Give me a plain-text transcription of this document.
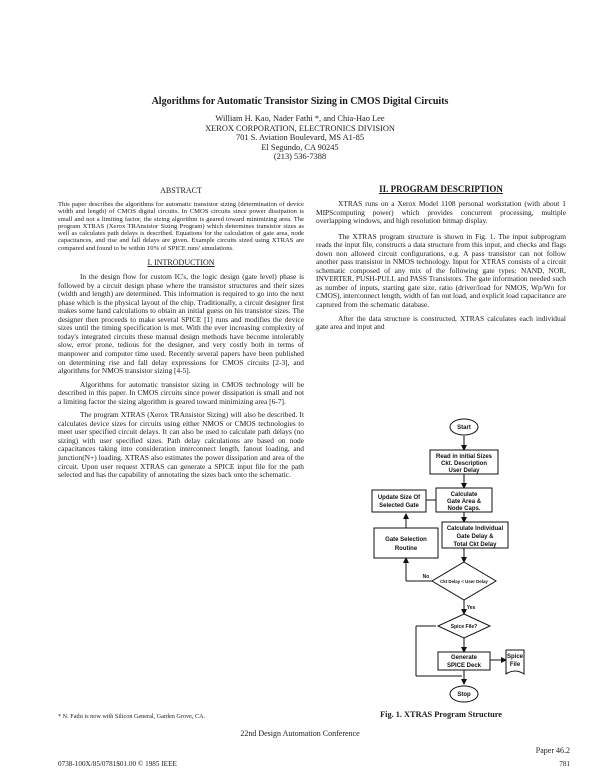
Algorithms for Automatic Transistor Sizing in CMOS Digital Circuits
William H. Kao, Nader Fathi *, and Chia-Hao Lee
XEROX CORPORATION, ELECTRONICS DIVISION
701 S. Aviation Boulevard, MS A1-85
El Segundo, CA 90245
(213) 536-7388
ABSTRACT

This paper describes the algorithms for automatic transistor sizing (determination of device width and length) of CMOS digital circuits. In CMOS circuits since power dissipation is small and not a limiting factor, the sizing algorithm is geared toward minimizing area. The program XTRAS (Xerox TRAnsistor Sizing Program) which determines transistor sizes as well as calculates path delays is described. Equations for the calculation of gate area, node capacitances, and rise and fall delays are given. Example circuits sized using XTRAS are compared and found to be within 10% of SPICE runs' simulations.

I. INTRODUCTION

In the design flow for custom IC's, the logic design (gate level) phase is followed by a circuit design phase where the transistor structures and their sizes (width and length) are determined. This information is required to go into the next phase which is the physical layout of the chip. Traditionally, a circuit designer first makes some hand calculations to obtain an initial guess on his transistor sizes. The designer then proceeds to make several SPICE [1] runs and modifies the device sizes until the timing specification is met. With the ever increasing complexity of today's integrated circuits these manual design methods have become intolerably slow, error prone, tedious for the designer, and very costly both in terms of manpower and computer time used. Recently several papers have been published on determining rise and fall delay expressions for CMOS circuits [2-3], and algorithms for NMOS transistor sizing [4-5].

Algorithms for automatic transistor sizing in CMOS technology will be described in this paper. In CMOS circuits since power dissipation is small and not a limiting factor the sizing algorithm is geared toward minimizing area [6-7].

The program XTRAS (Xerox TRAnsistor Sizing) will also be described. It calculates device sizes for circuits using either NMOS or CMOS technologies to meet user specified circuit delays. It can also be used to calculate path delays (no sizing) with user specified sizes. Path delay calculations are based on node capacitances taking into consideration interconnect length, fanout loading, and junction(N+) loading. XTRAS also estimates the power dissipation and area of the circuit. Upon user request XTRAS can generate a SPICE input file for the path selected and has the capability of annotating the sizes back onto the schematic.

* N. Fathi is now with Silicon General, Garden Grove, CA.
II. PROGRAM DESCRIPTION

XTRAS runs on a Xerox Model 1108 personal workstation (with about 1 MIPScomputing power) which provides concurrent processing, multiple overlapping windows, and high resolution bitmap display.

The XTRAS program structure is shown in Fig. 1. The input subprogram reads the input file, constructs a data structure from this input, and checks and flags down non allowed circuit configurations, e.g. A pass transistor can not follow another pass transistor in NMOS technology. Input for XTRAS consists of a circuit schematic composed of any mix of the following gate types: NAND, NOR, INVERTER, PUSH-PULL and PASS Transistors. The gate information needed such as number of inputs, starting gate size, ratio (driver/load for NMOS, Wp/Wn for CMOS), interconnect length, width of fan out load, and explicit load capacitance are captured from the schematic database.

After the data structure is constructed, XTRAS calculates each individual gate area and input and

Start
Read in initial Sizes
Ckt. Description
User Delay
Calculate
Gate Area &
Node Caps.
Calculate Individual
Gate Delay &
Total Ckt Delay
Update Size Of
Selected Gate
Gate Selection
Routine
Ckt Delay < User Delay
No
Yes
Spice File?
Generate
SPICE Deck
Spice
File
Stop
Fig. 1. XTRAS Program Structure
22nd Design Automation Conference
Paper 46.2
0738-100X/85/0781$01.00 © 1985 IEEE	781
